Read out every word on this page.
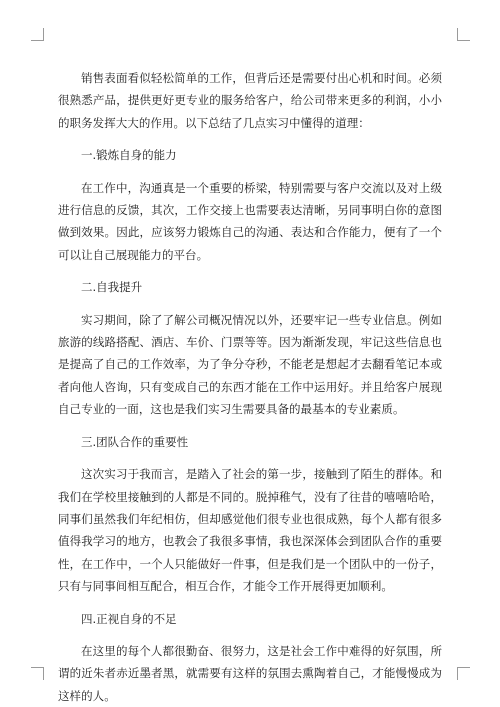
销售表面看似轻松简单的工作，但背后还是需要付出心机和时间。必须很熟悉产品，提供更好更专业的服务给客户，给公司带来更多的利润，小小的职务发挥大大的作用。以下总结了几点实习中懂得的道理：

一.锻炼自身的能力

在工作中，沟通真是一个重要的桥梁，特别需要与客户交流以及对上级进行信息的反馈，其次，工作交接上也需要表达清晰，另同事明白你的意图做到效果。因此，应该努力锻炼自己的沟通、表达和合作能力，便有了一个可以让自己展现能力的平台。

二.自我提升

实习期间，除了了解公司概况情况以外，还要牢记一些专业信息。例如旅游的线路搭配、酒店、车价、门票等等。因为渐渐发现，牢记这些信息也是提高了自己的工作效率，为了争分夺秒，不能老是想起才去翻看笔记本或者向他人咨询，只有变成自己的东西才能在工作中运用好。并且给客户展现自己专业的一面，这也是我们实习生需要具备的最基本的专业素质。

三.团队合作的重要性

这次实习于我而言，是踏入了社会的第一步，接触到了陌生的群体。和我们在学校里接触到的人都是不同的。脱掉稚气，没有了往昔的嘻嘻哈哈，同事们虽然我们年纪相仿，但却感觉他们很专业也很成熟，每个人都有很多值得我学习的地方，也教会了我很多事情，我也深深体会到团队合作的重要性，在工作中，一个人只能做好一件事，但是我们是一个团队中的一份子，只有与同事间相互配合，相互合作，才能令工作开展得更加顺利。

四.正视自身的不足

在这里的每个人都很勤奋、很努力，这是社会工作中难得的好氛围，所谓的近朱者赤近墨者黑，就需要有这样的氛围去熏陶着自己，才能慢慢成为这样的人。
